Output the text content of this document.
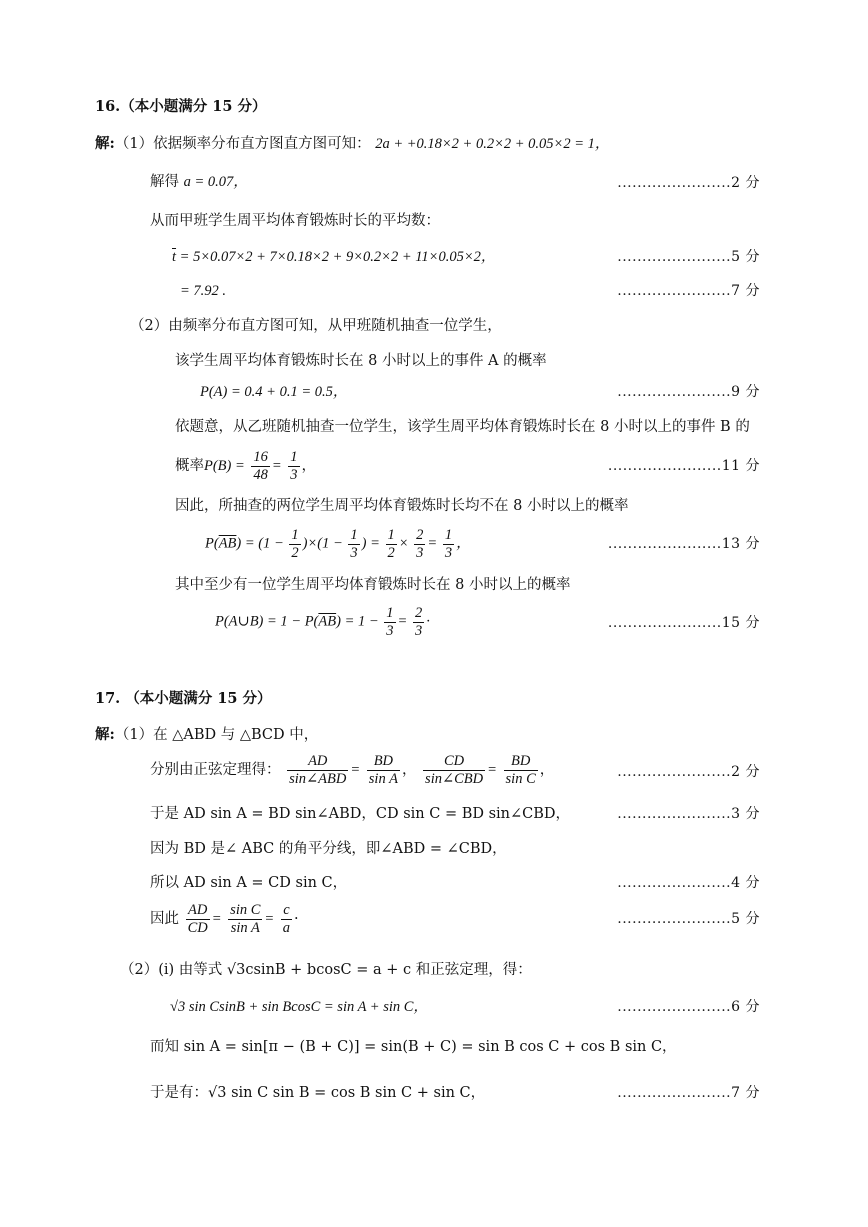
16.（本小题满分 15 分）
解:（1）依据频率分布直方图直方图可知： 2a + +0.18×2 + 0.2×2 + 0.05×2 = 1，
解得 a = 0.07，	.......................2 分
从而甲班学生周平均体育锻炼时长的平均数：
$\overline{t} = 5\times 0.07\times 2 + 7\times 0.18\times 2 + 9\times 0.2\times 2 + 11\times 0.05\times 2$，	.......................5 分
= 7.92 .	.......................7 分
（2）由频率分布直方图可知，从甲班随机抽查一位学生，
该学生周平均体育锻炼时长在 8 小时以上的事件 A 的概率
P(A) = 0.4 + 0.1 = 0.5，	.......................9 分
依题意，从乙班随机抽查一位学生，该学生周平均体育锻炼时长在 8 小时以上的事件 B 的
概率$P(B) = \frac{16}{48} = \frac{1}{3}$ ，	.......................11 分
因此，所抽查的两位学生周平均体育锻炼时长均不在 8 小时以上的概率
$P(\overline{AB}) = (1 - \frac{1}{2} )\times(1 - \frac{1}{3}$ ) = $\frac{1}{2} \times \frac{2}{3} = \frac{1}{3}$ ，	.......................13 分
其中至少有一位学生周平均体育锻炼时长在 8 小时以上的概率
P(A∪B) = $1 - P(\overline{AB}) = 1 - \frac{1}{3} = \frac{2}{3}$ ·	.......................15 分
17. （本小题满分 15 分）
解:（1）在 △ABD 与 △BCD 中，
分别由正弦定理得：
AD
sin∠ABD
= $\frac{BD}{\text{sin A}}$ ，
CD
sin∠CBD
= $\frac{BD}{\text{sin C}}$ ，	.......................2 分
于是 AD sin A = BD sin∠ABD，CD sin C = BD sin∠CBD，	.......................3 分
因为 BD 是∠ ABC 的角平分线，即∠ABD = ∠CBD，
所以 AD sin A = CD sin C，	.......................4 分
因此 $\frac{AD}{CD} = \frac{\text{sin C}}{\text{sin A}} = \frac{c}{a}$ ·	.......................5 分
（2）(i) 由等式 √3csinB + bcosC = a + c 和正弦定理，得：
√3 sin CsinB + sin BcosC = sin A + sin C，	.......................6 分
而知 sin A = sin[π − (B + C)] = sin(B + C) = sin B cos C + cos B sin C，
于是有：√3 sin C sin B = cos B sin C + sin C，	.......................7 分
